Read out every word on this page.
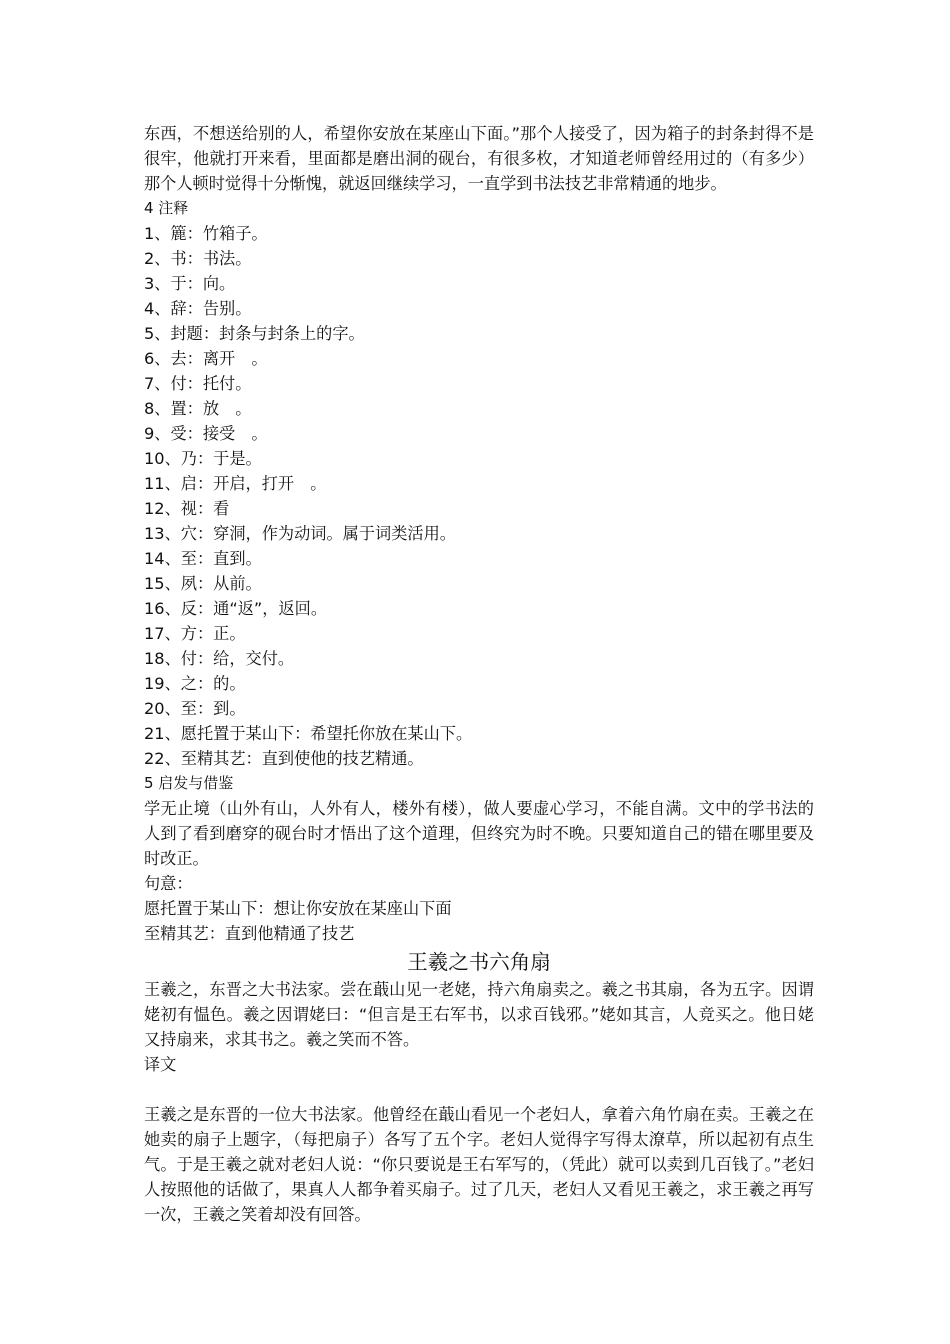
东西，不想送给别的人，希望你安放在某座山下面。”那个人接受了，因为箱子的封条封得不是很牢，他就打开来看，里面都是磨出洞的砚台，有很多枚，才知道老师曾经用过的（有多少）那个人顿时觉得十分惭愧，就返回继续学习，一直学到书法技艺非常精通的地步。
4 注释
1、簏：竹箱子。
2、书：书法。
3、于：向。
4、辞：告别。
5、封题：封条与封条上的字。
6、去：离开　。
7、付：托付。
8、置：放　。
9、受：接受　。
10、乃：于是。
11、启：开启，打开　。
12、视：看
13、穴：穿洞，作为动词。属于词类活用。
14、至：直到。
15、夙：从前。
16、反：通“返”，返回。
17、方：正。
18、付：给，交付。
19、之：的。
20、至：到。
21、愿托置于某山下：希望托你放在某山下。
22、至精其艺：直到使他的技艺精通。
5 启发与借鉴
学无止境（山外有山，人外有人，楼外有楼），做人要虚心学习，不能自满。文中的学书法的人到了看到磨穿的砚台时才悟出了这个道理，但终究为时不晚。只要知道自己的错在哪里要及时改正。
句意：
愿托置于某山下：想让你安放在某座山下面
至精其艺：直到他精通了技艺
王羲之书六角扇
王羲之，东晋之大书法家。尝在蕺山见一老姥，持六角扇卖之。羲之书其扇，各为五字。因谓姥初有愠色。羲之因谓姥曰：“但言是王右军书，以求百钱邪。”姥如其言，人竞买之。他日姥又持扇来，求其书之。羲之笑而不答。
译文
王羲之是东晋的一位大书法家。他曾经在蕺山看见一个老妇人，拿着六角竹扇在卖。王羲之在她卖的扇子上题字，（每把扇子）各写了五个字。老妇人觉得字写得太潦草，所以起初有点生气。于是王羲之就对老妇人说：“你只要说是王右军写的，（凭此）就可以卖到几百钱了。”老妇人按照他的话做了，果真人人都争着买扇子。过了几天，老妇人又看见王羲之，求王羲之再写一次，王羲之笑着却没有回答。
